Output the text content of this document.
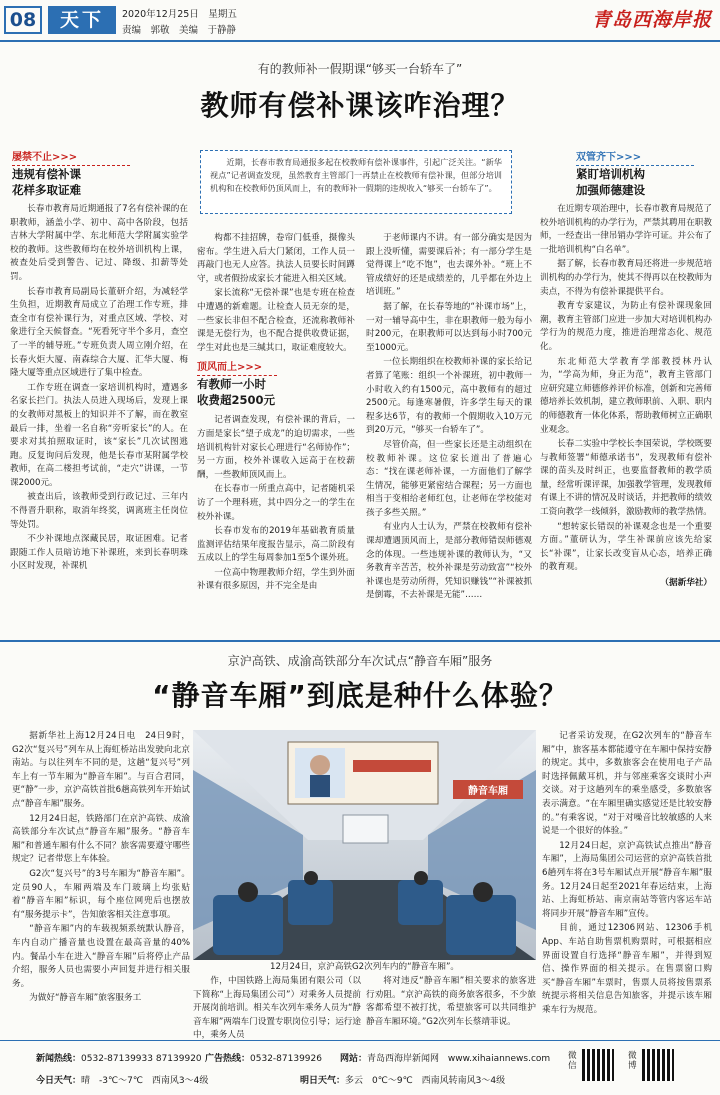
08	天下	2020年12月25日　星期五
责编　郭敬　美编　于静静	青岛西海岸报
有的教师补一假期课“够买一台轿车了”
教师有偿补课该咋治理？
屡禁不止>>>
违规有偿补课
花样多取证难
双管齐下>>>
紧盯培训机构
加强师德建设

近期，长春市教育局通报多起在校教师有偿补课事件，引起广泛关注。“新华视点”记者调查发现，虽然教育主管部门一再禁止在校教师有偿补课，但部分培训机构和在校教师仍顶风而上，有的教师补一假期的违规收入“够买一台轿车了”。

长春市教育局近期通报了7名有偿补课的在职教师，涵盖小学、初中、高中各阶段，包括吉林大学附属中学、东北师范大学附属实验学校的教师。这些教师均在校外培训机构上课，被查处后受到警告、记过、降级、扣薪等处罚。

长春市教育局副局长董研介绍，为减轻学生负担，近期教育局成立了治理工作专班，排查全市有偿补课行为，对重点区域、学校、对象进行全天候督查。“死看死守半个多月，查空了一半的辅导班。”专班负责人周立刚介绍，在长春火炬大厦、南森综合大厦、汇华大厦、梅隆大厦等重点区域进行了集中检查。

工作专班在调查一家培训机构时，遭遇多名家长拦门。执法人员进入现场后，发现上课的女教师对黑板上的知识并不了解，而在教室最后一排，坐着一名自称“旁听家长”的人。在要求对其拍照取证时，该“家长”几次试图逃跑。反复询问后发现，他是长春市某附属学校教师，在高二楼担考试前，“走穴”讲课，一节课2000元。

被查出后，该教师受到行政记过、三年内不得晋升职称，取消年终奖，调离班主任岗位等处罚。

不少补课地点深藏民居，取证困难。记者跟随工作人员暗访地下补课班，来到长春明珠小区时发现，补课机

构都不挂招牌，卷帘门低垂，摄像头密布。学生进入后大门紧闭，工作人员一再敲门也无人应答。执法人员要长时间蹲守，或者假扮成家长才能进入相关区域。

家长流称“无偿补课”也是专班在检查中遭遇的新难题。让检查人员无奈的是，一些家长非但不配合检查，还流称教师补课是无偿行为，也不配合提供收费证据，学生对此也是三缄其口，取证难度较大。

顶风而上>>>
有教师一小时
收费超2500元

记者调查发现，有偿补课的背后，一方面是家长“望子成龙”的迫切需求，一些培训机构针对家长心理进行“名师协作”；另一方面，校外补课收入远高于在校薪酬，一些教师顶风而上。

在长春市一所重点高中，记者随机采访了一个理科班，其中四分之一的学生在校外补课。

长春市发布的2019年基础教育质量监测评估结果年度报告显示，高二阶段有五成以上的学生每周参加1至5个课外班。

一位高中物理教师介绍，学生到外面补课有很多原因，并不完全是由

于老师课内不讲。有一部分确实是因为跟上没听懂，需要课后补；有一部分学生是觉得课上“吃不饱”，也去课外补。“班上不管成绩好的还是成绩差的，几乎都在外边上培训班。”

据了解，在长春等地的“补课市场”上，一对一辅导高中生，非在职教师一般为每小时200元，在职教师可以达到每小时700元至1000元。

一位长期组织在校教师补课的家长给记者算了笔账：组织一个补课班，初中教师一小时收入约有1500元，高中教师有的超过2500元。每逢寒暑假，许多学生每天的课程多达6节，有的教师一个假期收入10万元到20万元，“够买一台轿车了”。

尽管价高，但一些家长还是主动组织在校教师补课。这位家长道出了普遍心态：“找在课老师补课，一方面他们了解学生情况，能够更紧密结合课程；另一方面也相当于变相给老师红包，让老师在学校能对孩子多些关照。”

有业内人士认为，严禁在校教师有偿补课却遭遇顶风而上，是部分教师错误师德观念的体现。一些违规补课的教师认为，“又务教育辛苦苦，校外补课是劳动致富”“校外补课也是劳动所得，凭知识赚钱”“补课被抓是倒霉，不去补课是无能”……

在近期专项治理中，长春市教育局规范了校外培训机构的办学行为，严禁其聘用在职教师，一经查出一律吊销办学许可证。并公布了一批培训机构“白名单”。

据了解，长春市教育局还将进一步规范培训机构的办学行为，使其不得再以在校教师为卖点，不得为有偿补课提供平台。

教育专家建议，为防止有偿补课现象回潮，教育主管部门应进一步加大对培训机构办学行为的规范力度，推进治理常态化、规范化。

东北师范大学教育学部教授林丹认为，“学高为师，身正为范”，教育主管部门应研究建立师德修养评价标准，创新和完善师德培养长效机制，建立教师职前、入职、职内的师德教育一体化体系，帮助教师树立正确职业观念。

长春二实验中学校长李国荣说，学校既要与教师签署“师德承诺书”，发现教师有偿补课的苗头及时纠正，也要监督教师的教学质量，经常听课评课，加强教学管理，发现教师有课上不讲的情况及时谈话，并把教师的绩效工资向教学一线倾斜，激励教师的教学热情。

“想转家长错误的补课观念也是一个重要方面。”董研认为，学生补课前应该先给家长“补课”，让家长改变盲从心态，培养正确的教育观。

（据新华社）
京沪高铁、成渝高铁部分车次试点“静音车厢”服务
“静音车厢”到底是种什么体验？

据新华社上海12月24日电　24日9时，G2次“复兴号”列车从上海虹桥站出发驶向北京南站。与以往列车不同的是，这趟“复兴号”列车上有一节车厢为“静音车厢”。与百合君同，更“静”一步，京沪高铁首批6趟高铁列车开始试点“静音车厢”服务。

12月24日起，铁路部门在京沪高铁、成渝高铁部分车次试点“静音车厢”服务。“静音车厢”和普通车厢有什么不同？旅客需要遵守哪些规定？记者带您上车体验。

G2次“复兴号”的3号车厢为“静音车厢”。定员90人，车厢两端及车门玻璃上均张贴着“静音车厢”标识，每个座位网兜后也摆放有“服务提示卡”，告知旅客相关注意事项。

“静音车厢”内的车载视频系统默认静音，车内自动广播音量也设置在最高音量的40%内。餐品小车在进入“静音车厢”后将停止产品介绍，服务人员也需要小声回复并进行相关服务。

为做好“静音车厢”旅客服务工

静音车厢
12月24日，京沪高铁G2次列车内的“静音车厢”。

作，中国铁路上海局集团有限公司（以下简称“上海局集团公司”）对乘务人员提前开展岗前培训。相关车次列车乘务人员为“静音车厢”两端车门设置专职岗位引导；运行途中，乘务人员

将对违反“静音车厢”相关要求的旅客进行劝阻。“京沪高铁的商务旅客很多，不少旅客都希望不被打扰，希望旅客可以共同维护静音车厢环境。”G2次列车长蔡靖菲说。

记者采访发现，在G2次列车的“静音车厢”中，旅客基本都能遵守在车厢中保持安静的规定。其中，多数旅客会在使用电子产品时选择佩戴耳机，并与邻座乘客交谈时小声交谈。对于这趟列车的乘坐感受，多数旅客表示满意。“在车厢里确实感觉还是比较安静的。”有乘客说，“对于对噪音比较敏感的人来说是一个很好的体验。”

12月24日起，京沪高铁试点推出“静音车厢”，上海局集团公司运营的京沪高铁首批6趟列车将在3号车厢试点开展“静音车厢”服务。12月24日起至2021年春运结束，上海站、上海虹桥站、南京南站等管内客运车站将同步开展“静音车厢”宣传。

目前，通过12306网站、12306手机App、车站自助售票机购票时，可根据相应界面设置自行选择“静音车厢”，并得到短信、操作界面的相关提示。在售票窗口购买“静音车厢”车票时，售票人员将按售票系统提示将相关信息告知旅客，并提示该车厢乘车行为规范。

新闻热线：0532-87139933 87139920 广告热线：0532-87139926 网站：青岛西海岸新闻网 www.xihaiannews.com
今日天气：晴　-3℃～7℃　西南风3～4级	明日天气：多云　0℃～9℃　西南风转南风3～4级
微信
微博
